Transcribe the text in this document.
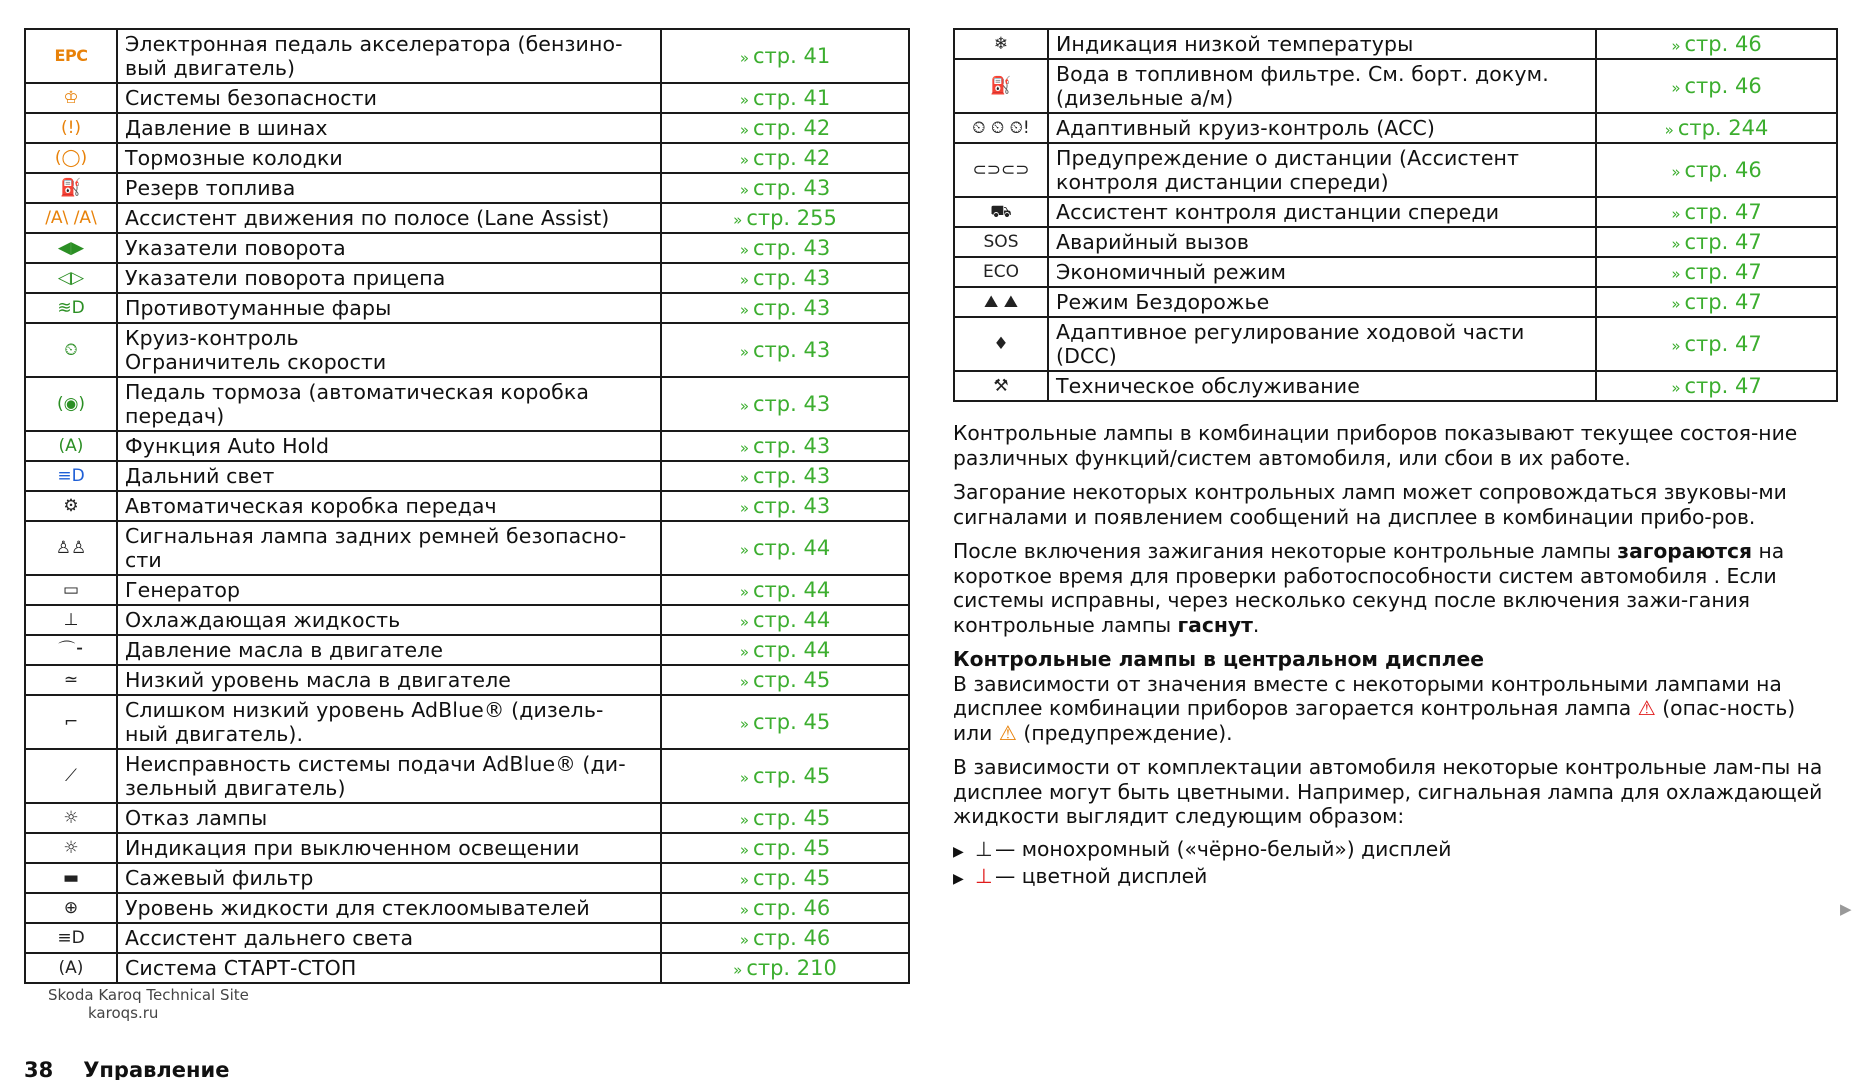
EPC	Электронная педаль акселератора (бензино-
вый двигатель)	» стр. 41
♔	Системы безопасности	» стр. 41
(!)	Давление в шинах	» стр. 42
(◯)	Тормозные колодки	» стр. 42
⛽	Резерв топлива	» стр. 43
/A\ /A\	Ассистент движения по полосе (Lane Assist)	» стр. 255
◀▶	Указатели поворота	» стр. 43
◁▷	Указатели поворота прицепа	» стр. 43
≋D	Противотуманные фары	» стр. 43
⏲	Круиз-контроль
Ограничитель скорости	» стр. 43
(◉)	Педаль тормоза (автоматическая коробка
передач)	» стр. 43
(A)	Функция Auto Hold	» стр. 43
≡D	Дальний свет	» стр. 43
⚙	Автоматическая коробка передач	» стр. 43
♙♙	Сигнальная лампа задних ремней безопасно-
сти	» стр. 44
▭	Генератор	» стр. 44
⊥	Охлаждающая жидкость	» стр. 44
⌒⁃	Давление масла в двигателе	» стр. 44
≃	Низкий уровень масла в двигателе	» стр. 45
⌐	Слишком низкий уровень AdBlue® (дизель-
ный двигатель).	» стр. 45
⟋	Неисправность системы подачи AdBlue® (ди-
зельный двигатель)	» стр. 45
☼	Отказ лампы	» стр. 45
☼	Индикация при выключенном освещении	» стр. 45
▬	Сажевый фильтр	» стр. 45
⊕	Уровень жидкости для стеклоомывателей	» стр. 46
≡D	Ассистент дальнего света	» стр. 46
(A)	Система СТАРТ-СТОП	» стр. 210
❄	Индикация низкой температуры	» стр. 46
⛽	Вода в топливном фильтре. См. борт. докум.
(дизельные а/м)	» стр. 46
⏲ ⏲ ⏲!	Адаптивный круиз-контроль (ACC)	» стр. 244
⊂⊃⊂⊃	Предупреждение о дистанции (Ассистент
контроля дистанции спереди)	» стр. 46
⛟	Ассистент контроля дистанции спереди	» стр. 47
SOS	Аварийный вызов	» стр. 47
ECO	Экономичный режим	» стр. 47
⛰ ⛰	Режим Бездорожье	» стр. 47
♦	Адаптивное регулирование ходовой части
(DCC)	» стр. 47
⚒	Техническое обслуживание	» стр. 47

Контрольные лампы в комбинации приборов показывают текущее состоя-ние различных функций/систем автомобиля, или сбои в их работе.

Загорание некоторых контрольных ламп может сопровождаться звуковы-ми сигналами и появлением сообщений на дисплее в комбинации прибо-ров.

После включения зажигания некоторые контрольные лампы загораются на короткое время для проверки работоспособности систем автомобиля . Если системы исправны, через несколько секунд после включения зажи-гания контрольные лампы гаснут.

Контрольные лампы в центральном дисплее

В зависимости от значения вместе с некоторыми контрольными лампами на дисплее комбинации приборов загорается контрольная лампа ⚠ (опас-ность) или ⚠ (предупреждение).

В зависимости от комплектации автомобиля некоторые контрольные лам-пы на дисплее могут быть цветными. Например, сигнальная лампа для охлаждающей жидкости выглядит следующим образом:

▶ ⊥ — монохромный («чёрно-белый») дисплей
▶ ⊥ — цветной дисплей
▶
Skoda Karoq Technical Site
karoqs.ru
38 Управление
